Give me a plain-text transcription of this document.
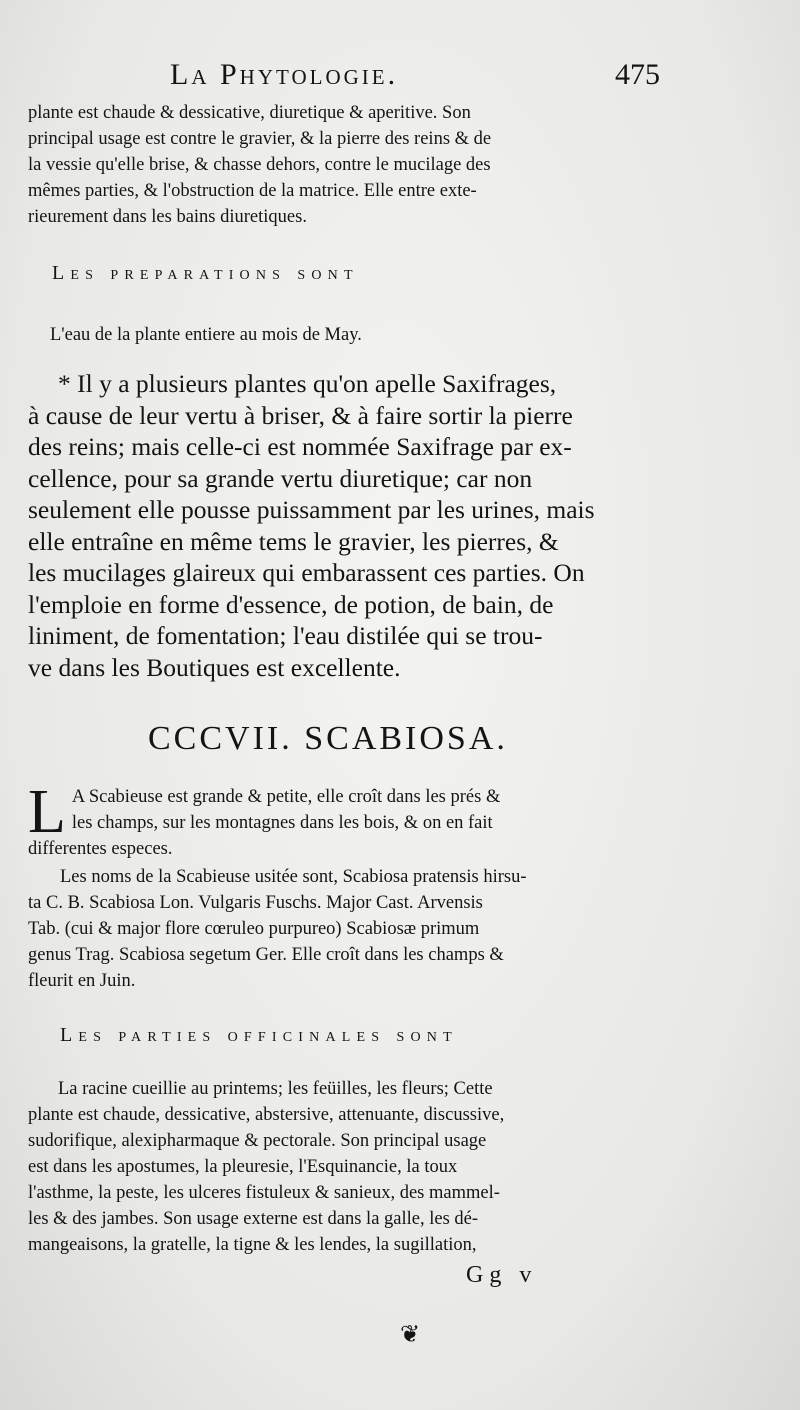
La Phytologie.	475
plante est chaude & dessicative, diuretique & aperitive. Son
principal usage est contre le gravier, & la pierre des reins & de
la vessie qu'elle brise, & chasse dehors, contre le mucilage des
mêmes parties, & l'obstruction de la matrice. Elle entre exte-
rieurement dans les bains diuretiques.
Les preparations sont
L'eau de la plante entiere au mois de May.
* Il y a plusieurs plantes qu'on apelle Saxifrages,
à cause de leur vertu à briser, & à faire sortir la pierre
des reins; mais celle-ci est nommée Saxifrage par ex-
cellence, pour sa grande vertu diuretique; car non
seulement elle pousse puissamment par les urines, mais
elle entraîne en même tems le gravier, les pierres, &
les mucilages glaireux qui embarassent ces parties. On
l'emploie en forme d'essence, de potion, de bain, de
liniment, de fomentation; l'eau distilée qui se trou-
ve dans les Boutiques est excellente.
CCCVII. SCABIOSA.
L A Scabieuse est grande & petite, elle croît dans les prés &
les champs, sur les montagnes dans les bois, & on en fait
differentes especes.
Les noms de la Scabieuse usitée sont, Scabiosa pratensis hirsu-
ta C. B. Scabiosa Lon. Vulgaris Fuschs. Major Cast. Arvensis
Tab. (cui & major flore cœruleo purpureo) Scabiosæ primum
genus Trag. Scabiosa segetum Ger. Elle croît dans les champs &
fleurit en Juin.
Les parties officinales sont
La racine cueillie au printems; les feüilles, les fleurs; Cette
plante est chaude, dessicative, abstersive, attenuante, discussive,
sudorifique, alexipharmaque & pectorale. Son principal usage
est dans les apostumes, la pleuresie, l'Esquinancie, la toux
l'asthme, la peste, les ulceres fistuleux & sanieux, des mammel-
les & des jambes. Son usage externe est dans la galle, les dé-
mangeaisons, la gratelle, la tigne & les lendes, la sugillation,
Gg v
❦
